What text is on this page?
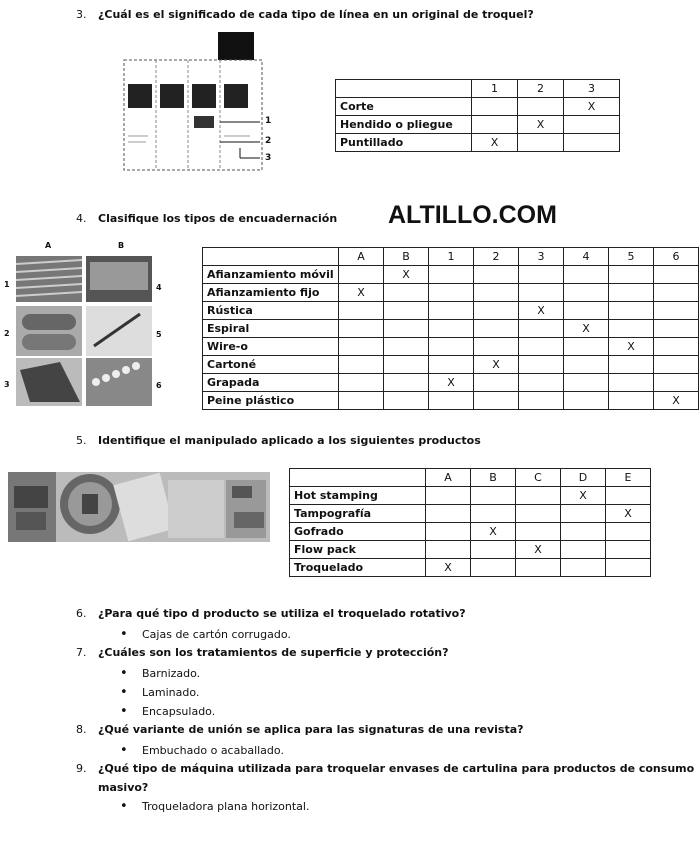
3. ¿Cuál es el significado de cada tipo de línea en un original de troquel?
1
2
3
	1	2	3
Corte			X
Hendido o pliegue		X	
Puntillado	X		
4. Clasifique los tipos de encuadernación ALTILLO.COM
A	B
1
2
3
4
5
6
	A	B	1	2	3	4	5	6
Afianzamiento móvil		X						
Afianzamiento fijo	X							
Rústica					X			
Espiral						X		
Wire-o							X	
Cartoné				X				
Grapada			X					
Peine plástico								X
5. Identifique el manipulado aplicado a los siguientes productos
	A	B	C	D	E
Hot stamping				X	
Tampografía					X
Gofrado		X			
Flow pack			X		
Troquelado	X				
6. ¿Para qué tipo d producto se utiliza el troquelado rotativo?
• Cajas de cartón corrugado.
7. ¿Cuáles son los tratamientos de superficie y protección?
• Barnizado.
• Laminado.
• Encapsulado.
8. ¿Qué variante de unión se aplica para las signaturas de una revista?
• Embuchado o acaballado.
9. ¿Qué tipo de máquina utilizada para troquelar envases de cartulina para productos de consumo
masivo?
• Troqueladora plana horizontal.
